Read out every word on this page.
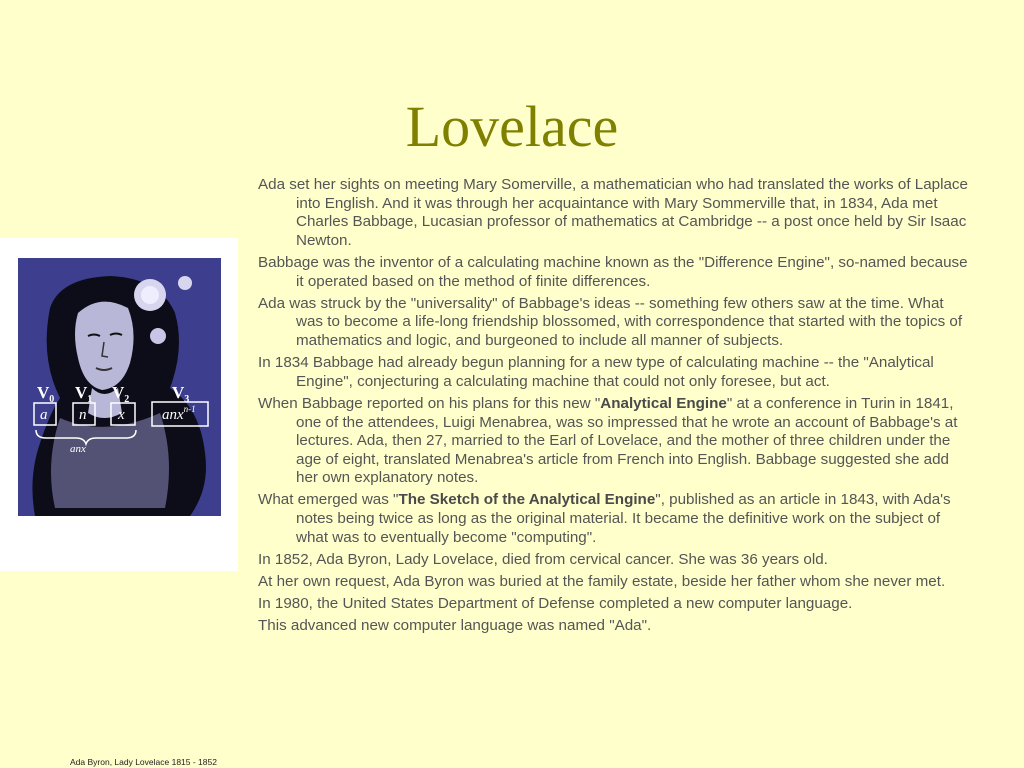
Lovelace
$V_0$ $V_1$ $V_2$	$V_3$
a n x anx$^{n-1}$
anx
Ada Byron, Lady Lovelace 1815 - 1852

Ada set her sights on meeting Mary Somerville, a mathematician who had translated the works of Laplace into English. And it was through her acquaintance with Mary Sommerville that, in 1834, Ada met Charles Babbage, Lucasian professor of mathematics at Cambridge -- a post once held by Sir Isaac Newton.

Babbage was the inventor of a calculating machine known as the "Difference Engine", so-named because it operated based on the method of finite differences.

Ada was struck by the "universality" of Babbage's ideas -- something few others saw at the time. What was to become a life-long friendship blossomed, with correspondence that started with the topics of mathematics and logic, and burgeoned to include all manner of subjects.

In 1834 Babbage had already begun planning for a new type of calculating machine -- the "Analytical Engine", conjecturing a calculating machine that could not only foresee, but act.

When Babbage reported on his plans for this new "Analytical Engine" at a conference in Turin in 1841, one of the attendees, Luigi Menabrea, was so impressed that he wrote an account of Babbage's at lectures. Ada, then 27, married to the Earl of Lovelace, and the mother of three children under the age of eight, translated Menabrea's article from French into English. Babbage suggested she add her own explanatory notes.

What emerged was "The Sketch of the Analytical Engine", published as an article in 1843, with Ada's notes being twice as long as the original material. It became the definitive work on the subject of what was to eventually become "computing".

In 1852, Ada Byron, Lady Lovelace, died from cervical cancer. She was 36 years old.

At her own request, Ada Byron was buried at the family estate, beside her father whom she never met.

In 1980, the United States Department of Defense completed a new computer language.

This advanced new computer language was named "Ada".
